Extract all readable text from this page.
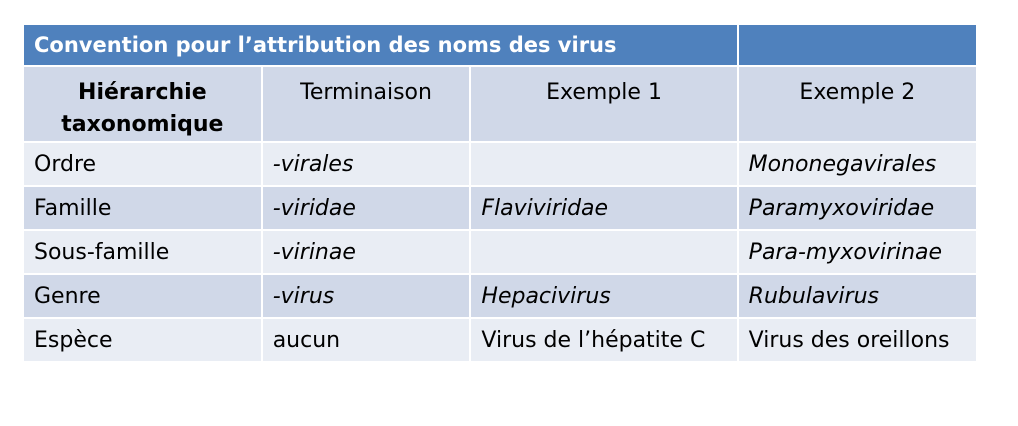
Convention pour l’attribution des noms des virus			
Hiérarchie taxonomique	Terminaison	Exemple 1	Exemple 2
Ordre	-virales		Mononegavirales
Famille	-viridae	Flaviviridae	Paramyxoviridae
Sous-famille	-virinae		Para-myxovirinae
Genre	-virus	Hepacivirus	Rubulavirus
Espèce	aucun	Virus de l’hépatite C	Virus des oreillons
